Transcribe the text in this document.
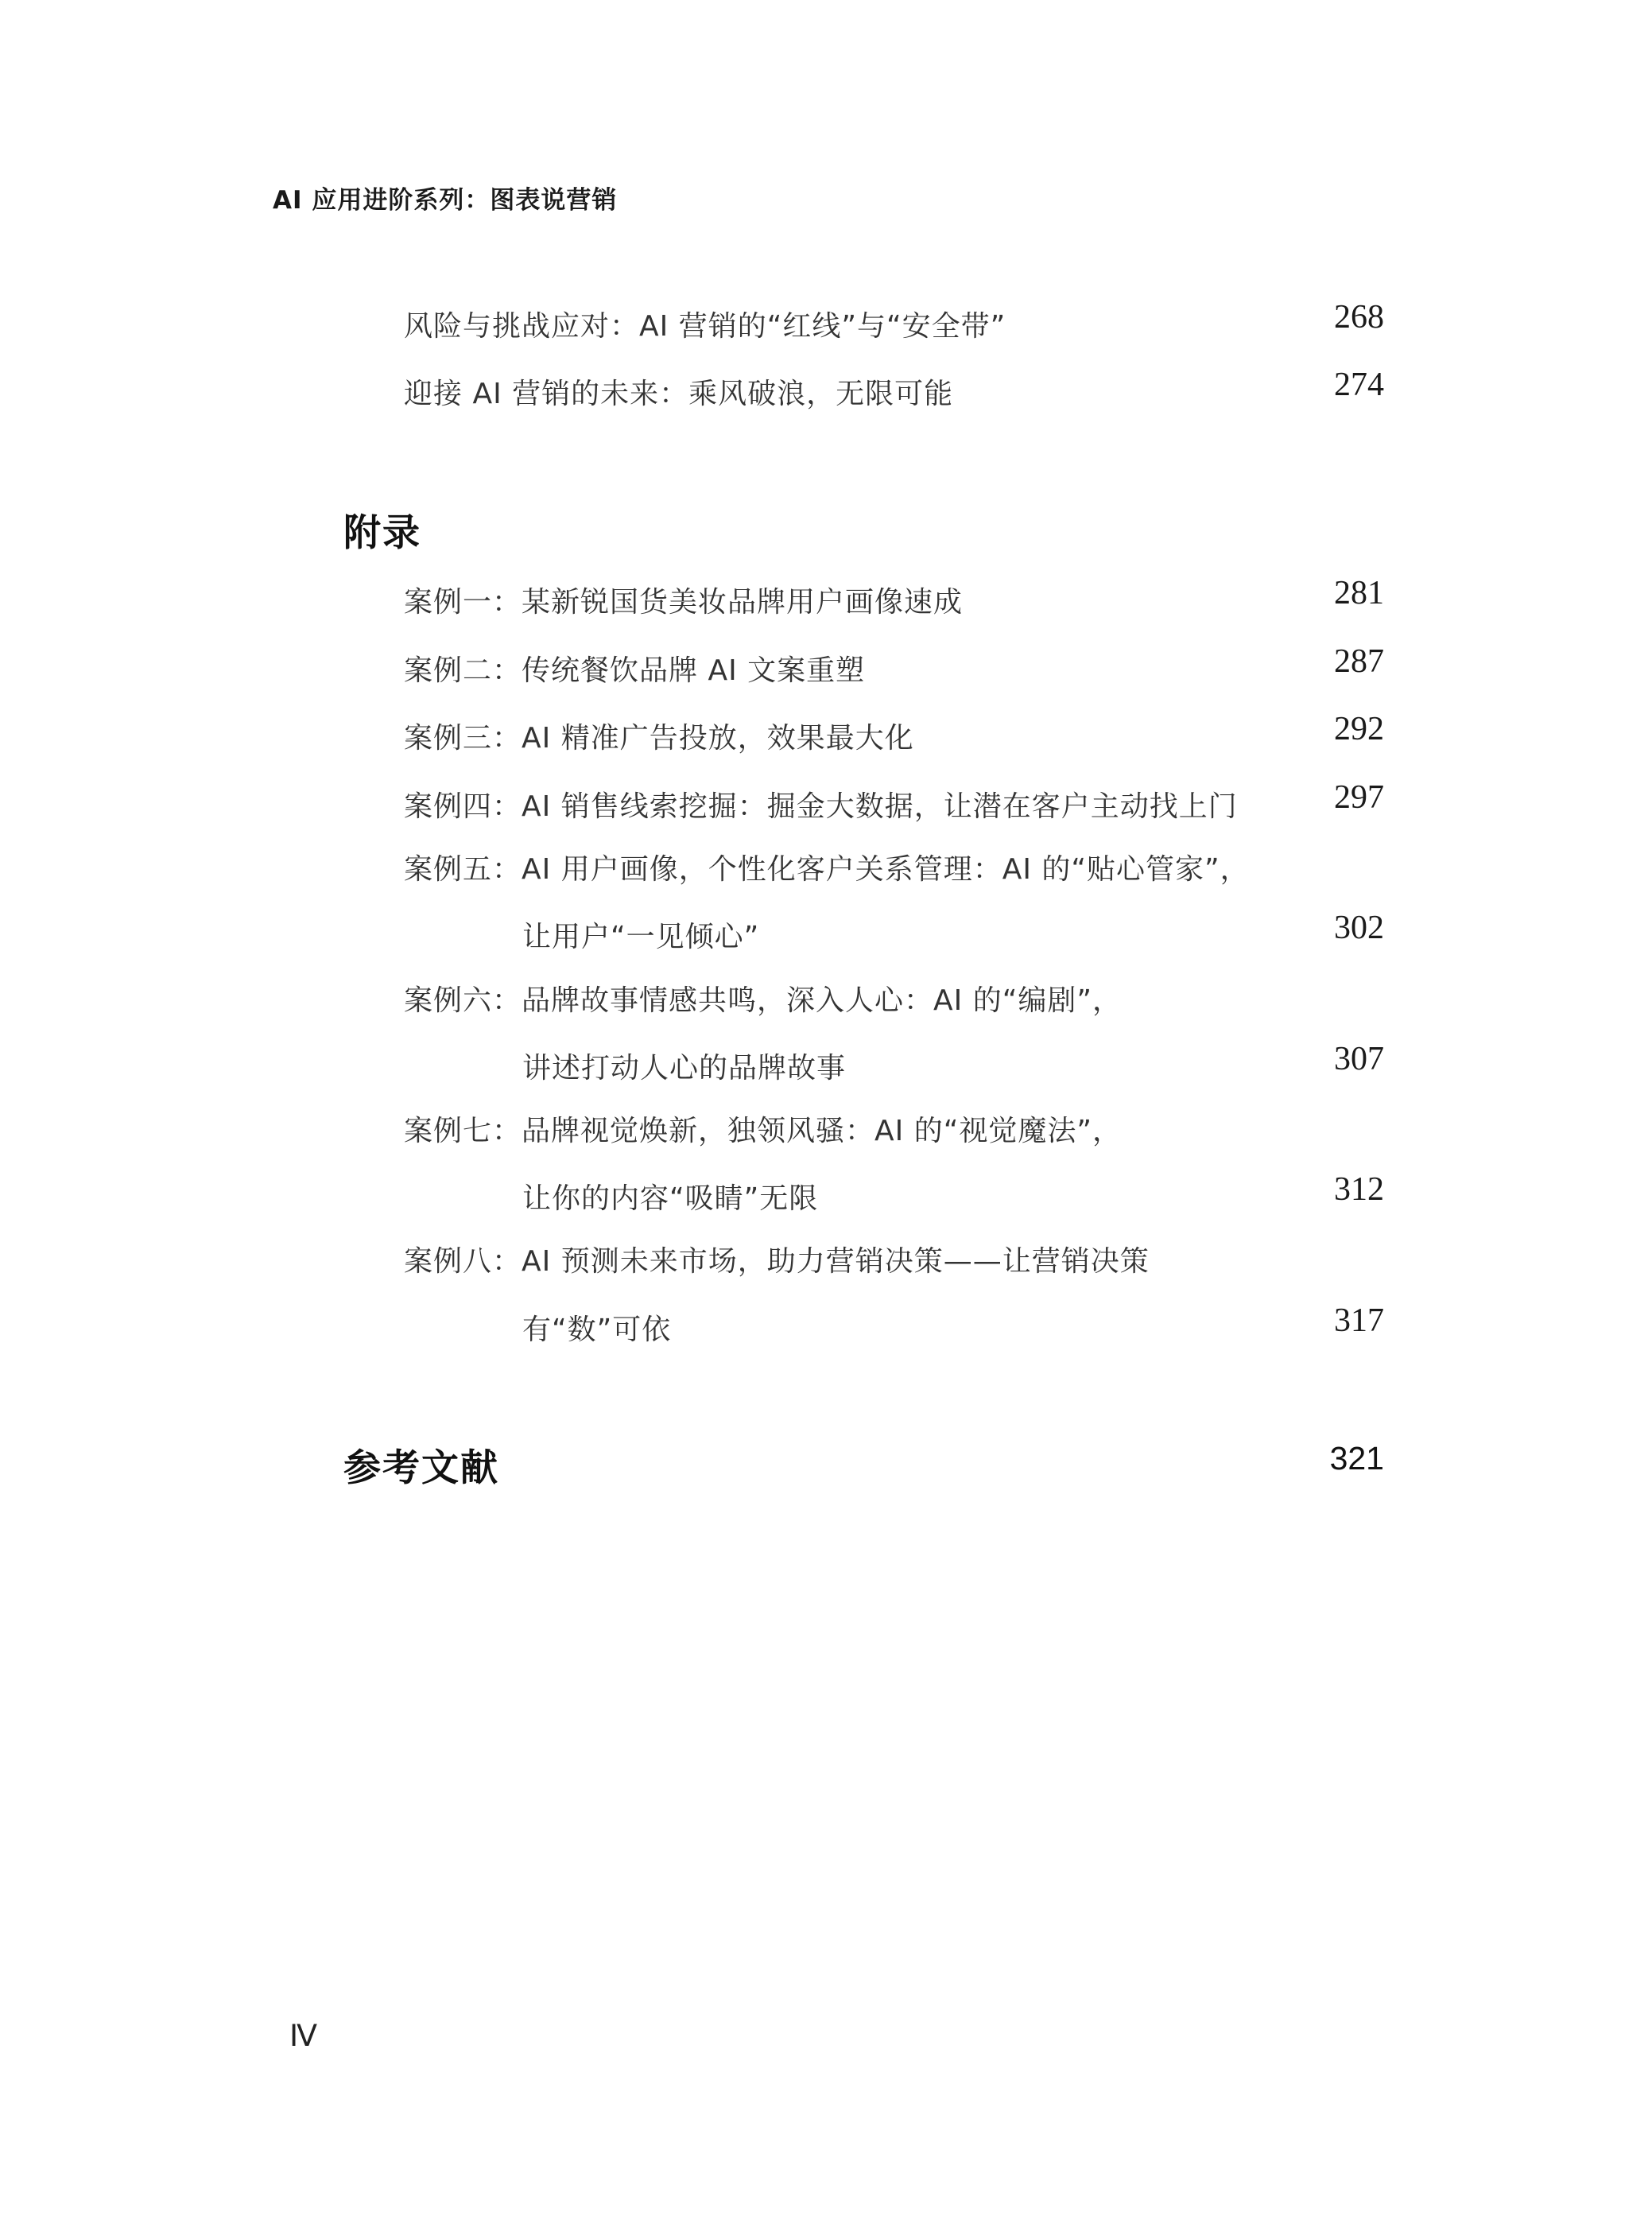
AI 应用进阶系列：图表说营销
风险与挑战应对：AI 营销的“红线”与“安全带”	268
迎接 AI 营销的未来：乘风破浪，无限可能	274
附录
案例一：某新锐国货美妆品牌用户画像速成	281
案例二：传统餐饮品牌 AI 文案重塑	287
案例三：AI 精准广告投放，效果最大化	292
案例四：AI 销售线索挖掘：掘金大数据，让潜在客户主动找上门	297
案例五：AI 用户画像，个性化客户关系管理：AI 的“贴心管家”，
让用户“一见倾心”	302
案例六：品牌故事情感共鸣，深入人心：AI 的“编剧”，
讲述打动人心的品牌故事	307
案例七：品牌视觉焕新，独领风骚：AI 的“视觉魔法”，
让你的内容“吸睛”无限	312
案例八：AI 预测未来市场，助力营销决策——让营销决策
有“数”可依	317
参考文献	321
Ⅳ
